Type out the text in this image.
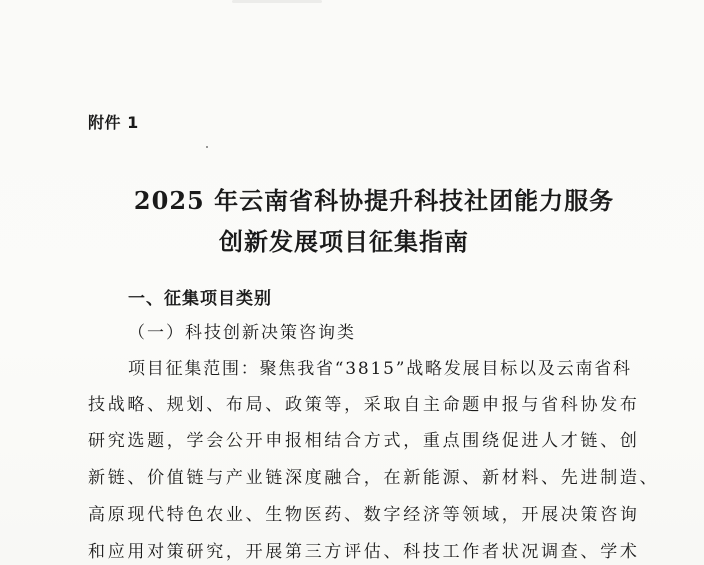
附件 1
2025 年云南省科协提升科技社团能力服务
创新发展项目征集指南
一、征集项目类别
（一）科技创新决策咨询类
项目征集范围：聚焦我省“3815”战略发展目标以及云南省科
技战略、规划、布局、政策等，采取自主命题申报与省科协发布
研究选题，学会公开申报相结合方式，重点围绕促进人才链、创
新链、价值链与产业链深度融合，在新能源、新材料、先进制造、
高原现代特色农业、生物医药、数字经济等领域，开展决策咨询
和应用对策研究，开展第三方评估、科技工作者状况调查、学术
